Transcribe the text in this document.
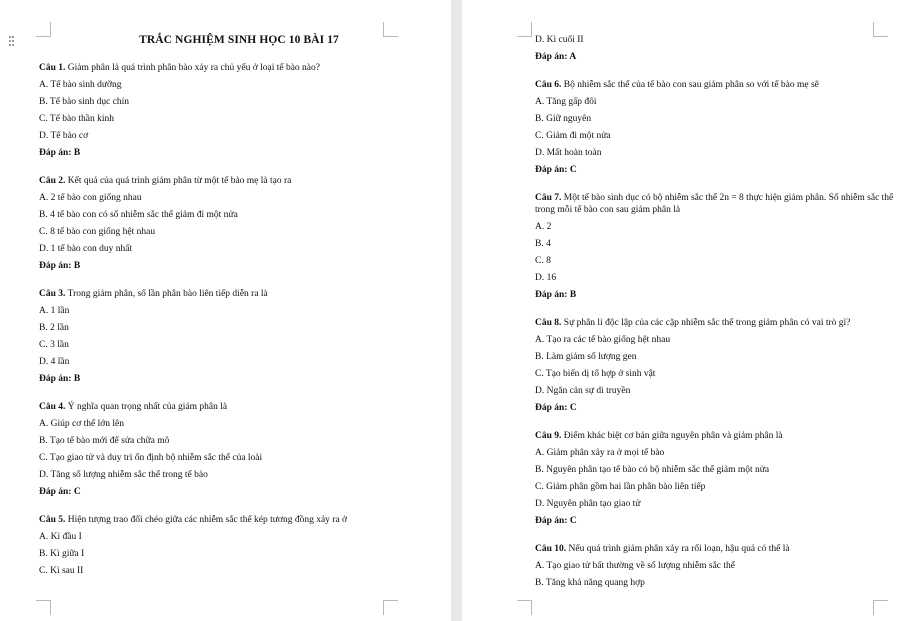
TRẮC NGHIỆM SINH HỌC 10 BÀI 17
Câu 1. Giảm phân là quá trình phân bào xảy ra chủ yếu ở loại tế bào nào?
A. Tế bào sinh dưỡng
B. Tế bào sinh dục chín
C. Tế bào thần kinh
D. Tế bào cơ
Đáp án: B
Câu 2. Kết quả của quá trình giảm phân từ một tế bào mẹ là tạo ra
A. 2 tế bào con giống nhau
B. 4 tế bào con có số nhiễm sắc thể giảm đi một nửa
C. 8 tế bào con giống hệt nhau
D. 1 tế bào con duy nhất
Đáp án: B
Câu 3. Trong giảm phân, số lần phân bào liên tiếp diễn ra là
A. 1 lần
B. 2 lần
C. 3 lần
D. 4 lần
Đáp án: B
Câu 4. Ý nghĩa quan trọng nhất của giảm phân là
A. Giúp cơ thể lớn lên
B. Tạo tế bào mới để sửa chữa mô
C. Tạo giao tử và duy trì ổn định bộ nhiễm sắc thể của loài
D. Tăng số lượng nhiễm sắc thể trong tế bào
Đáp án: C
Câu 5. Hiện tượng trao đổi chéo giữa các nhiễm sắc thể kép tương đồng xảy ra ở
A. Kì đầu I
B. Kì giữa I
C. Kì sau II
D. Kì cuối II
Đáp án: A
Câu 6. Bộ nhiễm sắc thể của tế bào con sau giảm phân so với tế bào mẹ sẽ
A. Tăng gấp đôi
B. Giữ nguyên
C. Giảm đi một nửa
D. Mất hoàn toàn
Đáp án: C
Câu 7. Một tế bào sinh dục có bộ nhiễm sắc thể 2n = 8 thực hiện giảm phân. Số nhiễm sắc thể trong mỗi tế bào con sau giảm phân là
A. 2
B. 4
C. 8
D. 16
Đáp án: B
Câu 8. Sự phân li độc lập của các cặp nhiễm sắc thể trong giảm phân có vai trò gì?
A. Tạo ra các tế bào giống hệt nhau
B. Làm giảm số lượng gen
C. Tạo biến dị tổ hợp ở sinh vật
D. Ngăn cản sự di truyền
Đáp án: C
Câu 9. Điểm khác biệt cơ bản giữa nguyên phân và giảm phân là
A. Giảm phân xảy ra ở mọi tế bào
B. Nguyên phân tạo tế bào có bộ nhiễm sắc thể giảm một nửa
C. Giảm phân gồm hai lần phân bào liên tiếp
D. Nguyên phân tạo giao tử
Đáp án: C
Câu 10. Nếu quá trình giảm phân xảy ra rối loạn, hậu quả có thể là
A. Tạo giao tử bất thường về số lượng nhiễm sắc thể
B. Tăng khả năng quang hợp
